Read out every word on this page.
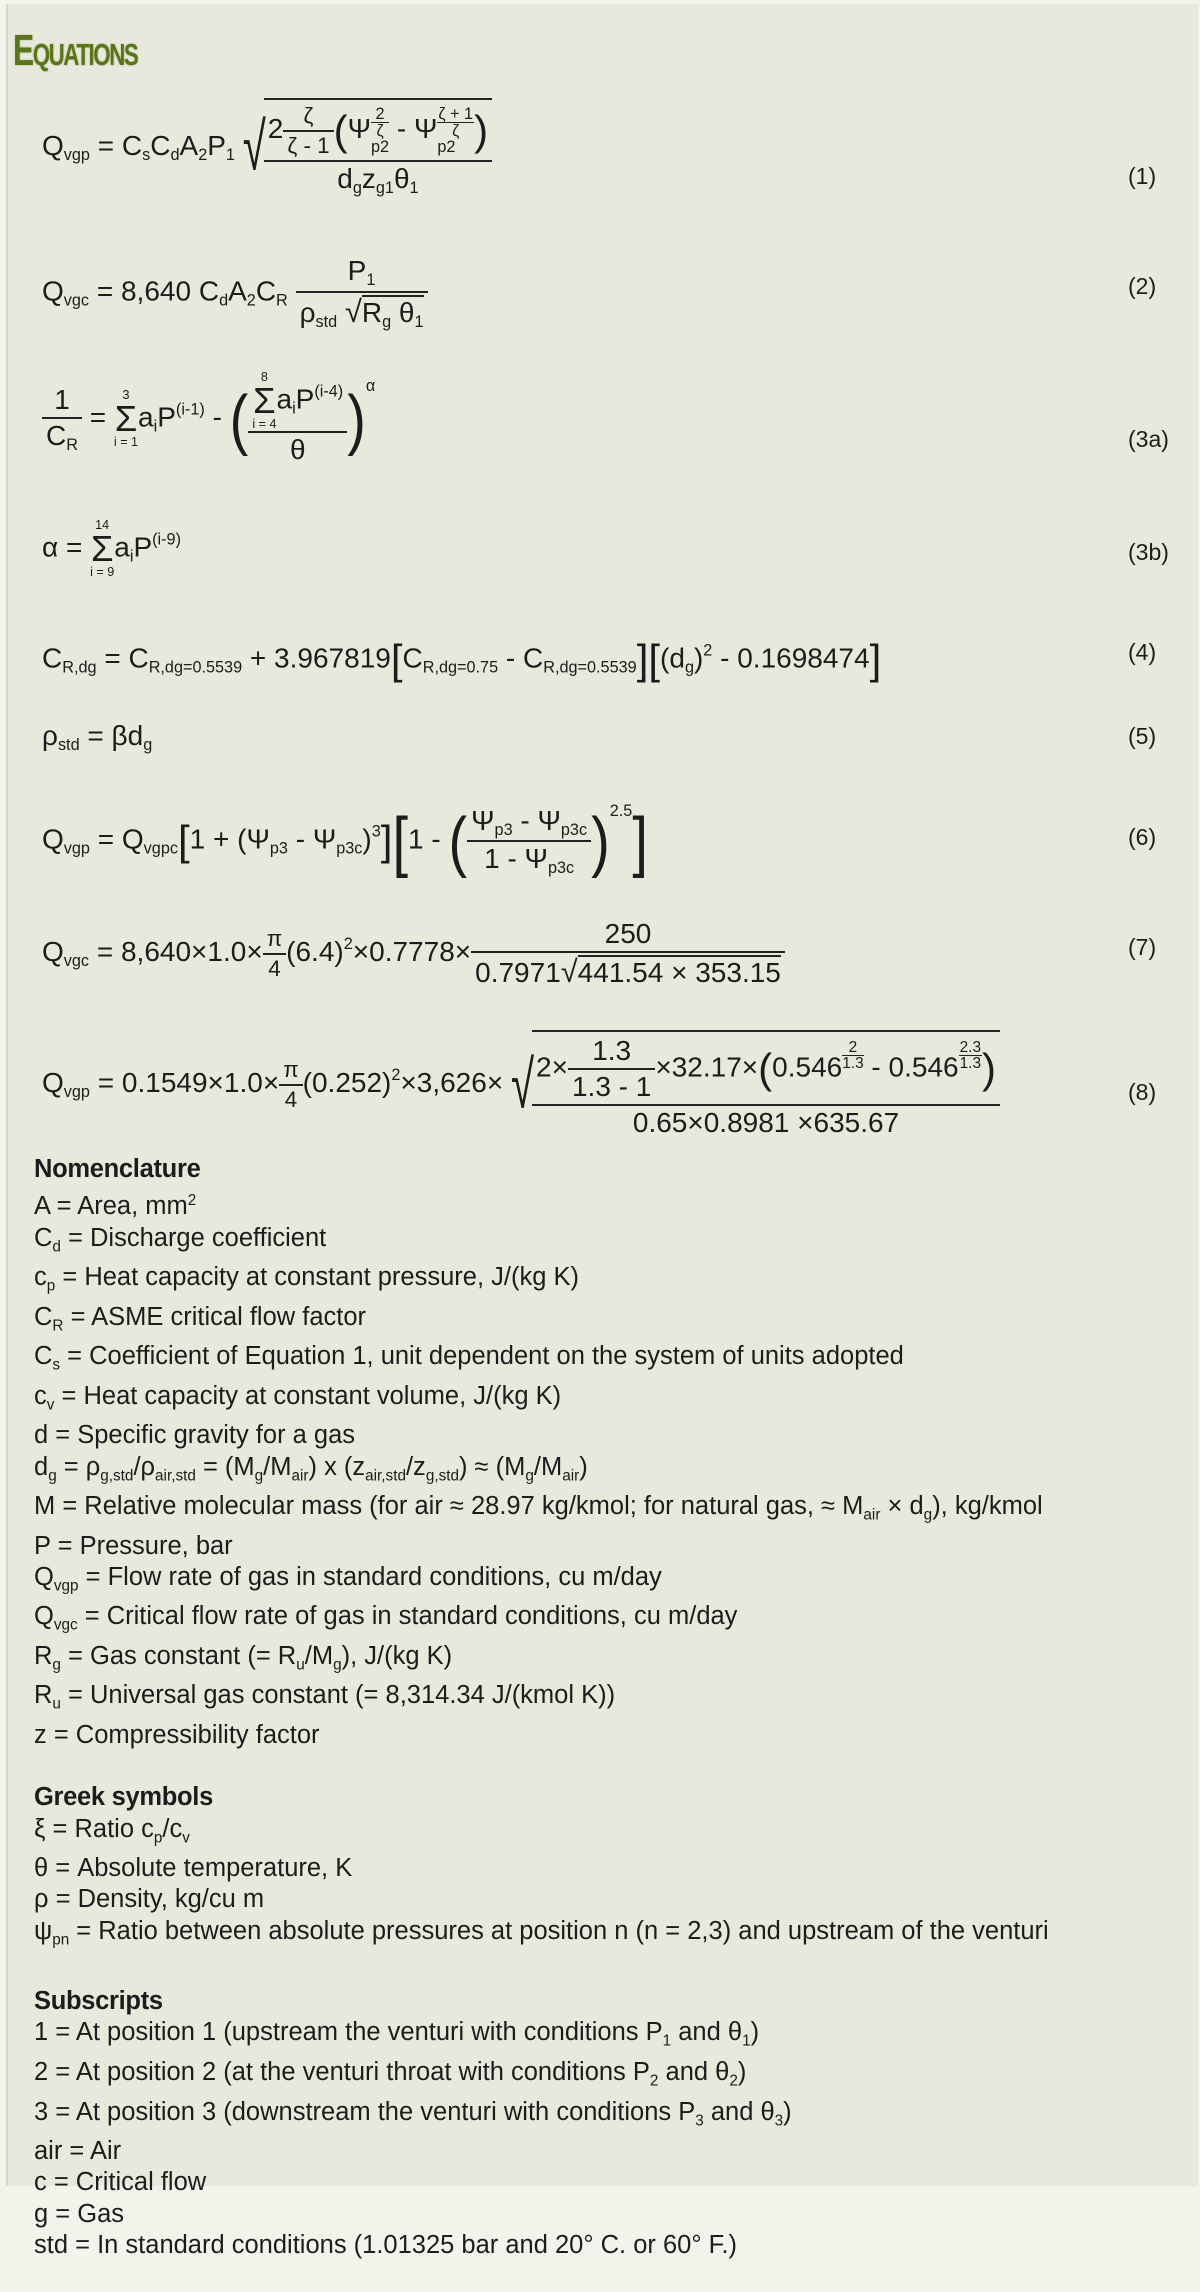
Equations
Qvgp = CsCdA2P1 √ $2 \frac{\zeta}{\zeta - 1} (\Psi$ 2
ζ
p2
- Ψ ζ + 1
ζ
p2 )
dgzg1θ1	(1)
Qvgc = 8,640 CdA2CR
P1
ρstd √Rg θ1
(2)
$\frac{1}{CR}$ =
3
Σ
i = 1
aiP$^{(i-1)}$ - (
8
Σ
i = 4
aiP$^{(i-4)}$
θ )$^\alpha$
(3a)
α =
14
Σ
i = 9
aiP$^{(i-9)}$	(3b)
CR,dg = CR,dg=0.5539 + 3.967819[CR,dg=0.75 - CR,dg=0.5539][(dg)$^2$ - 0.1698474]	(4)
ρstd = βdg	(5)
Qvgp = Qvgpc[1 + (Ψp3 - Ψp3c)$^3$][1 - ( $\frac{\Psi p3 - \Psi p3c}{1 - \Psi p3c} )^{2.5}$]	(6)
Qvgc = $8,640\times 1.0\times \frac{\pi}{4} (6.4)^2\times 0.7778\times \frac{250}{0.7971√441.54 \times 353.15}$	(7)
Qvgp = $0.1549\times 1.0\times \frac{\pi}{4} (0.252)^2\times 3,626\times$ √
$\frac{2\times \frac{1.3}{1.3 - 1} \times 32.17\times(0.546 \frac{2}{1.3} - 0.546 \frac{2.3}{1.3} )}{0.65\times 0.8981 \times 635.67}$	(8)
Nomenclature
A = Area, $mm^2$
$C_d$ = Discharge coefficient
$c_p$ = Heat capacity at constant pressure, J/(kg K)
$C_R$ = ASME critical flow factor
$C_s$ = Coefficient of Equation 1, unit dependent on the system of units adopted
$c_v$ = Heat capacity at constant volume, J/(kg K)
d = Specific gravity for a gas
$d_g = \rho_{g,std}/\rho_{air,std} = (M_g/M_{air})$ x $(z_{air,std}/z_{g,std}) \approx (M_g/M_{air})$
M = Relative molecular mass (for air ≈ 28.97 kg/kmol; for natural gas, ≈ $M_{air} \times d_g$), kg/kmol
P = Pressure, bar
$Q_{vgp}$ = Flow rate of gas in standard conditions, cu m/day
$Q_{vgc}$ = Critical flow rate of gas in standard conditions, cu m/day
$R_g$ = Gas constant (= $R_u/M_g$), J/(kg K)
$R_u$ = Universal gas constant (= 8,314.34 J/(kmol K))
z = Compressibility factor
Greek symbols
ξ = Ratio $c_p/c_v$
θ = Absolute temperature, K
ρ = Density, kg/cu m
$\psi_{pn}$ = Ratio between absolute pressures at position n (n = 2,3) and upstream of the venturi
Subscripts
1 = At position 1 (upstream the venturi with conditions $P_1$ and $\theta_1$)
2 = At position 2 (at the venturi throat with conditions $P_2$ and $\theta_2$)
3 = At position 3 (downstream the venturi with conditions $P_3$ and $\theta_3$)
air = Air
c = Critical flow
g = Gas
std = In standard conditions (1.01325 bar and 20° C. or 60° F.)
